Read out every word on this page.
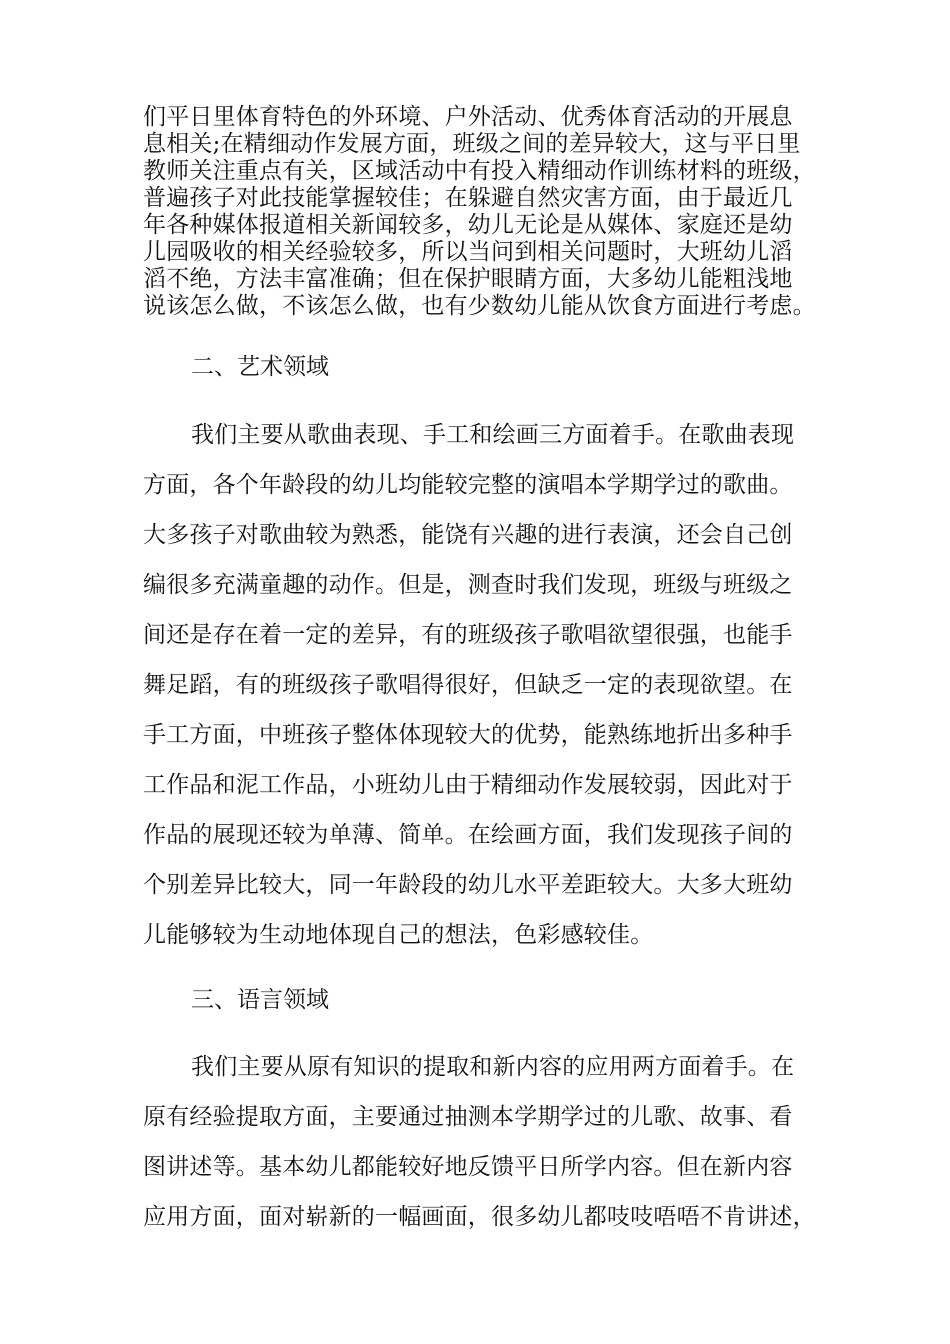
们平日里体育特色的外环境、户外活动、优秀体育活动的开展息
息相关;在精细动作发展方面，班级之间的差异较大，这与平日里
教师关注重点有关，区域活动中有投入精细动作训练材料的班级，
普遍孩子对此技能掌握较佳；在躲避自然灾害方面，由于最近几
年各种媒体报道相关新闻较多，幼儿无论是从媒体、家庭还是幼
儿园吸收的相关经验较多，所以当问到相关问题时，大班幼儿滔
滔不绝，方法丰富准确；但在保护眼睛方面，大多幼儿能粗浅地
说该怎么做，不该怎么做，也有少数幼儿能从饮食方面进行考虑。
二、艺术领域
我们主要从歌曲表现、手工和绘画三方面着手。在歌曲表现
方面，各个年龄段的幼儿均能较完整的演唱本学期学过的歌曲。
大多孩子对歌曲较为熟悉，能饶有兴趣的进行表演，还会自己创
编很多充满童趣的动作。但是，测查时我们发现，班级与班级之
间还是存在着一定的差异，有的班级孩子歌唱欲望很强，也能手
舞足蹈，有的班级孩子歌唱得很好，但缺乏一定的表现欲望。在
手工方面，中班孩子整体体现较大的优势，能熟练地折出多种手
工作品和泥工作品，小班幼儿由于精细动作发展较弱，因此对于
作品的展现还较为单薄、简单。在绘画方面，我们发现孩子间的
个别差异比较大，同一年龄段的幼儿水平差距较大。大多大班幼
儿能够较为生动地体现自己的想法，色彩感较佳。
三、语言领域
我们主要从原有知识的提取和新内容的应用两方面着手。在
原有经验提取方面，主要通过抽测本学期学过的儿歌、故事、看
图讲述等。基本幼儿都能较好地反馈平日所学内容。但在新内容
应用方面，面对崭新的一幅画面，很多幼儿都吱吱唔唔不肯讲述，
